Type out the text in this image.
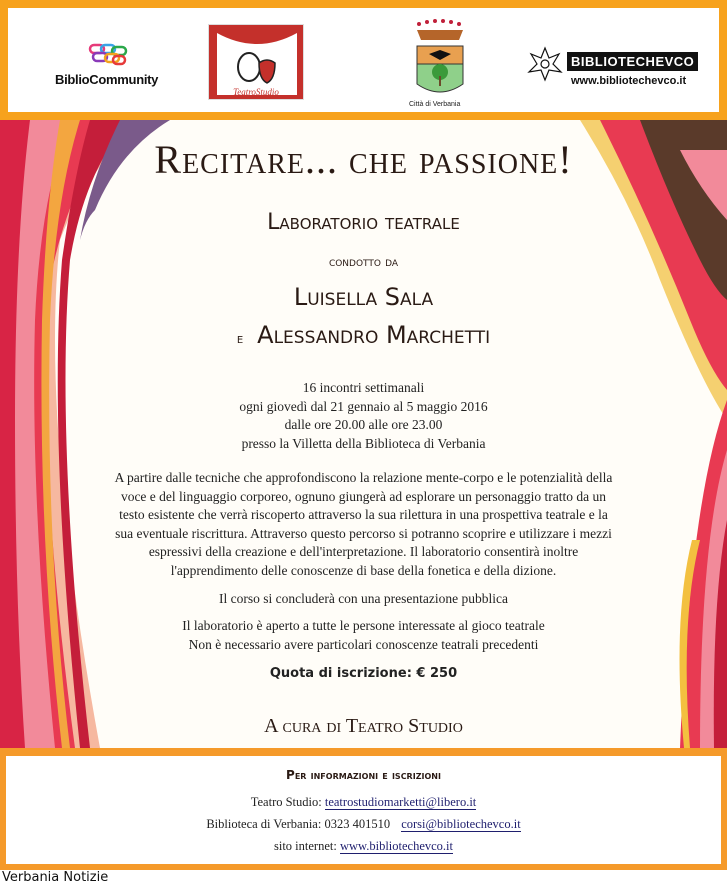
BiblioCommunity
TeatroStudio
Città di Verbania
BIBLIOTECHEVCO
www.bibliotechevco.it
Recitare... che passione!
Laboratorio teatrale
condotto da
Luisella Sala
e Alessandro Marchetti
16 incontri settimanali
ogni giovedì dal 21 gennaio al 5 maggio 2016
dalle ore 20.00 alle ore 23.00
presso la Villetta della Biblioteca di Verbania
A partire dalle tecniche che approfondiscono la relazione mente-corpo e le potenzialità della
voce e del linguaggio corporeo, ognuno giungerà ad esplorare un personaggio tratto da un
testo esistente che verrà riscoperto attraverso la sua rilettura in una prospettiva teatrale e la
sua eventuale riscrittura. Attraverso questo percorso si potranno scoprire e utilizzare i mezzi
espressivi della creazione e dell'interpretazione. Il laboratorio consentirà inoltre
l'apprendimento delle conoscenze di base della fonetica e della dizione.
Il corso si concluderà con una presentazione pubblica
Il laboratorio è aperto a tutte le persone interessate al gioco teatrale
Non è necessario avere particolari conoscenze teatrali precedenti
Quota di iscrizione: € 250
A cura di Teatro Studio
Per informazioni e iscrizioni
Teatro Studio: teatrostudiomarketti@libero.it
Biblioteca di Verbania: 0323 401510 corsi@bibliotechevco.it
sito internet: www.bibliotechevco.it
Verbania Notizie
